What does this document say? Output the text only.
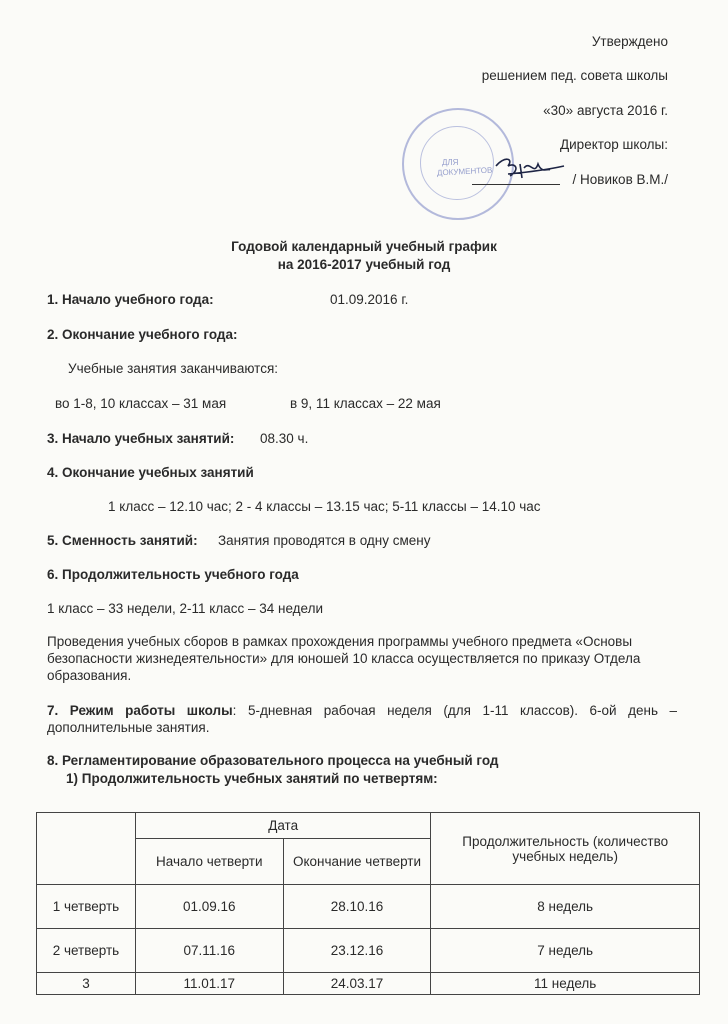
Утверждено
решением пед. совета школы
«30» августа 2016 г.
Директор школы:
ДЛЯ
ДОКУМЕНТОВ
/ Новиков В.М./
Годовой календарный учебный график
на 2016-2017 учебный год
1. Начало учебного года:	01.09.2016 г.
2. Окончание учебного года:
Учебные занятия заканчиваются:
во 1-8, 10 классах – 31 мая	в 9, 11 классах – 22 мая
3. Начало учебных занятий: 08.30 ч.
4. Окончание учебных занятий
1 класс – 12.10 час; 2 - 4 классы – 13.15 час; 5-11 классы – 14.10 час
5. Сменность занятий: Занятия проводятся в одну смену
6. Продолжительность учебного года
1 класс – 33 недели, 2-11 класс – 34 недели
Проведения учебных сборов в рамках прохождения программы учебного предмета «Основы безопасности жизнедеятельности» для юношей 10 класса осуществляется по приказу Отдела образования.
7. Режим работы школы: 5-дневная рабочая неделя (для 1-11 классов). 6-ой день – дополнительные занятия.
8. Регламентирование образовательного процесса на учебный год
1) Продолжительность учебных занятий по четвертям:
	Дата		Продолжительность (количество учебных недель)
	Начало четверти	Окончание четверти	
1 четверть	01.09.16	28.10.16	8 недель
2 четверть	07.11.16	23.12.16	7 недель
3	11.01.17	24.03.17	11 недель
